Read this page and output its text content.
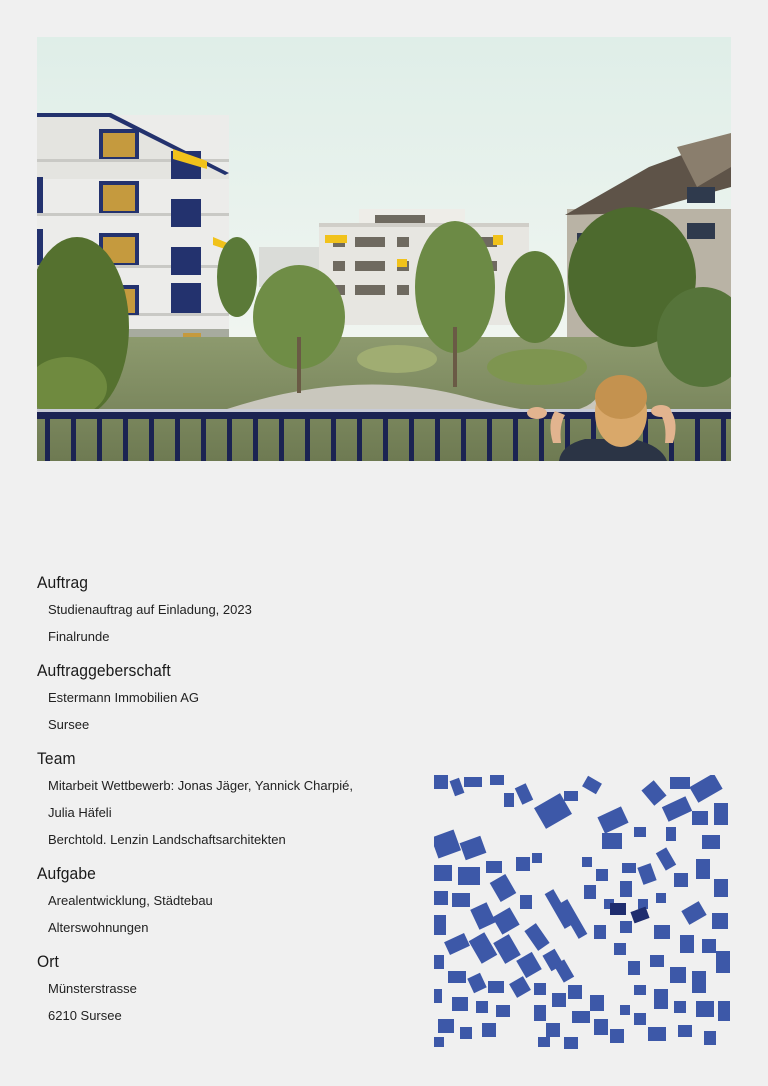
Auftrag
Studienauftrag auf Einladung, 2023
Finalrunde
Auftraggeberschaft
Estermann Immobilien AG
Sursee
Team
Mitarbeit Wettbewerb: Jonas Jäger, Yannick Charpié,
Julia Häfeli
Berchtold. Lenzin Landschaftsarchitekten
Aufgabe
Arealentwicklung, Städtebau
Alterswohnungen
Ort
Münsterstrasse
6210 Sursee
